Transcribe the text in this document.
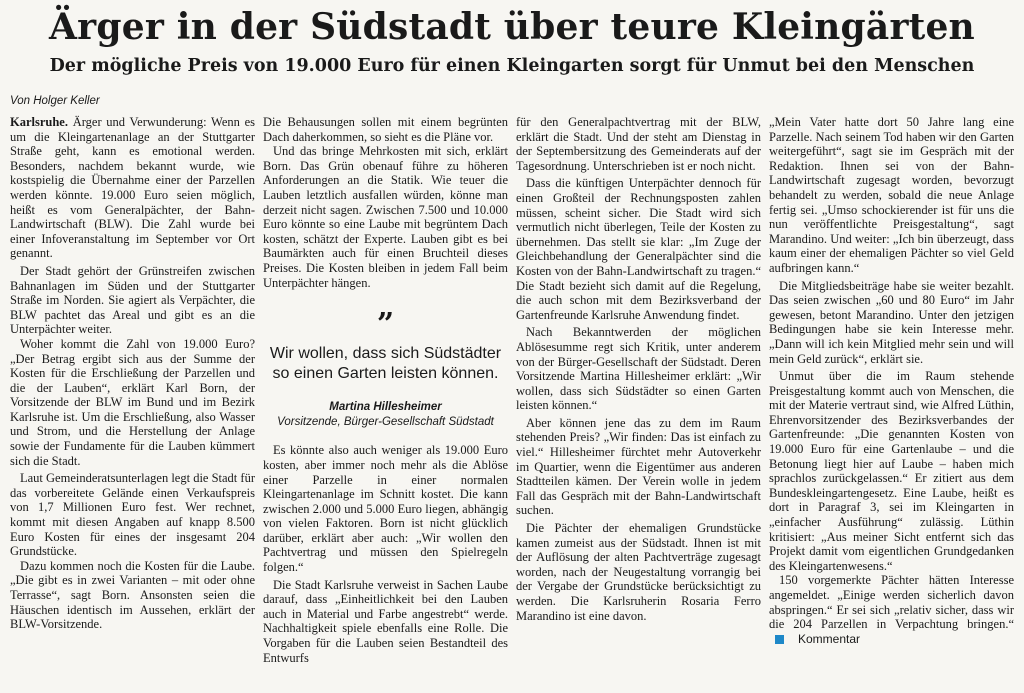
Ärger in der Südstadt über teure Kleingärten
Der mögliche Preis von 19.000 Euro für einen Kleingarten sorgt für Unmut bei den Menschen
Von Holger Keller

Karlsruhe. Ärger und Verwunderung: Wenn es um die Kleingartenanlage an der Stuttgarter Straße geht, kann es emotional werden. Besonders, nachdem bekannt wurde, wie kostspielig die Übernahme einer der Parzellen werden könnte. 19.000 Euro seien möglich, heißt es vom Generalpächter, der Bahn-Landwirtschaft (BLW). Die Zahl wurde bei einer Infoveranstaltung im September vor Ort genannt.

Der Stadt gehört der Grünstreifen zwischen Bahnanlagen im Süden und der Stuttgarter Straße im Norden. Sie agiert als Verpächter, die BLW pachtet das Areal und gibt es an die Unterpächter weiter.

Woher kommt die Zahl von 19.000 Euro? „Der Betrag ergibt sich aus der Summe der Kosten für die Erschließung der Parzellen und die der Lauben“, erklärt Karl Born, der Vorsitzende der BLW im Bund und im Bezirk Karlsruhe ist. Um die Erschließung, also Wasser und Strom, und die Herstellung der Anlage sowie der Fundamente für die Lauben kümmert sich die Stadt.

Laut Gemeinderatsunterlagen legt die Stadt für das vorbereitete Gelände einen Verkaufspreis von 1,7 Millionen Euro fest. Wer rechnet, kommt mit diesen Angaben auf knapp 8.500 Euro Kosten für eines der insgesamt 204 Grundstücke.

Dazu kommen noch die Kosten für die Laube. „Die gibt es in zwei Varianten – mit oder ohne Terrasse“, sagt Born. Ansonsten seien die Häuschen identisch im Aussehen, erklärt der BLW-Vorsitzende.

Die Behausungen sollen mit einem begrünten Dach daherkommen, so sieht es die Pläne vor.

Und das bringe Mehrkosten mit sich, erklärt Born. Das Grün obenauf führe zu höheren Anforderungen an die Statik. Wie teuer die Lauben letztlich ausfallen würden, könne man derzeit nicht sagen. Zwischen 7.500 und 10.000 Euro könnte so eine Laube mit begrüntem Dach kosten, schätzt der Experte. Lauben gibt es bei Baumärkten auch für einen Bruchteil dieses Preises. Die Kosten bleiben in jedem Fall beim Unterpächter hängen.

”
Wir wollen, dass sich Südstädter so einen Garten leisten können.
Martina Hillesheimer
Vorsitzende, Bürger-Gesellschaft Südstadt

Es könnte also auch weniger als 19.000 Euro kosten, aber immer noch mehr als die Ablöse einer Parzelle in einer normalen Kleingartenanlage im Schnitt kostet. Die kann zwischen 2.000 und 5.000 Euro liegen, abhängig von vielen Faktoren. Born ist nicht glücklich darüber, erklärt aber auch: „Wir wollen den Pachtvertrag und müssen den Spielregeln folgen.“

Die Stadt Karlsruhe verweist in Sachen Laube darauf, dass „Einheitlichkeit bei den Lauben auch in Material und Farbe angestrebt“ werde. Nachhaltigkeit spiele ebenfalls eine Rolle. Die Vorgaben für die Lauben seien Bestandteil des Entwurfs

für den Generalpachtvertrag mit der BLW, erklärt die Stadt. Und der steht am Dienstag in der Septembersitzung des Gemeinderats auf der Tagesordnung. Unterschrieben ist er noch nicht.

Dass die künftigen Unterpächter dennoch für einen Großteil der Rechnungsposten zahlen müssen, scheint sicher. Die Stadt wird sich vermutlich nicht überlegen, Teile der Kosten zu übernehmen. Das stellt sie klar: „Im Zuge der Gleichbehandlung der Generalpächter sind die Kosten von der Bahn-Landwirtschaft zu tragen.“ Die Stadt bezieht sich damit auf die Regelung, die auch schon mit dem Bezirksverband der Gartenfreunde Karlsruhe Anwendung findet.

Nach Bekanntwerden der möglichen Ablösesumme regt sich Kritik, unter anderem von der Bürger-Gesellschaft der Südstadt. Deren Vorsitzende Martina Hillesheimer erklärt: „Wir wollen, dass sich Südstädter so einen Garten leisten können.“

Aber können jene das zu dem im Raum stehenden Preis? „Wir finden: Das ist einfach zu viel.“ Hillesheimer fürchtet mehr Autoverkehr im Quartier, wenn die Eigentümer aus anderen Stadtteilen kämen. Der Verein wolle in jedem Fall das Gespräch mit der Bahn-Landwirtschaft suchen.

Die Pächter der ehemaligen Grundstücke kamen zumeist aus der Südstadt. Ihnen ist mit der Auflösung der alten Pachtverträge zugesagt worden, nach der Neugestaltung vorrangig bei der Vergabe der Grundstücke berücksichtigt zu werden. Die Karlsruherin Rosaria Ferro Marandino ist eine davon.

„Mein Vater hatte dort 50 Jahre lang eine Parzelle. Nach seinem Tod haben wir den Garten weitergeführt“, sagt sie im Gespräch mit der Redaktion. Ihnen sei von der Bahn-Landwirtschaft zugesagt worden, bevorzugt behandelt zu werden, sobald die neue Anlage fertig sei. „Umso schockierender ist für uns die nun veröffentlichte Preisgestaltung“, sagt Marandino. Und weiter: „Ich bin überzeugt, dass kaum einer der ehemaligen Pächter so viel Geld aufbringen kann.“

Die Mitgliedsbeiträge habe sie weiter bezahlt. Das seien zwischen „60 und 80 Euro“ im Jahr gewesen, betont Marandino. Unter den jetzigen Bedingungen habe sie kein Interesse mehr. „Dann will ich kein Mitglied mehr sein und will mein Geld zurück“, erklärt sie.

Unmut über die im Raum stehende Preisgestaltung kommt auch von Menschen, die mit der Materie vertraut sind, wie Alfred Lüthin, Ehrenvorsitzender des Bezirksverbandes der Gartenfreunde: „Die genannten Kosten von 19.000 Euro für eine Gartenlaube – und die Betonung liegt hier auf Laube – haben mich sprachlos zurückgelassen.“ Er zitiert aus dem Bundeskleingartengesetz. Eine Laube, heißt es dort in Paragraf 3, sei im Kleingarten in „einfacher Ausführung“ zulässig. Lüthin kritisiert: „Aus meiner Sicht entfernt sich das Projekt damit vom eigentlichen Grundgedanken des Kleingartenwesens.“

150 vorgemerkte Pächter hätten Interesse angemeldet. „Einige werden sicherlich davon abspringen.“ Er sei sich „relativ sicher, dass wir die 204 Parzellen in Verpachtung bringen.“
Kommentar
